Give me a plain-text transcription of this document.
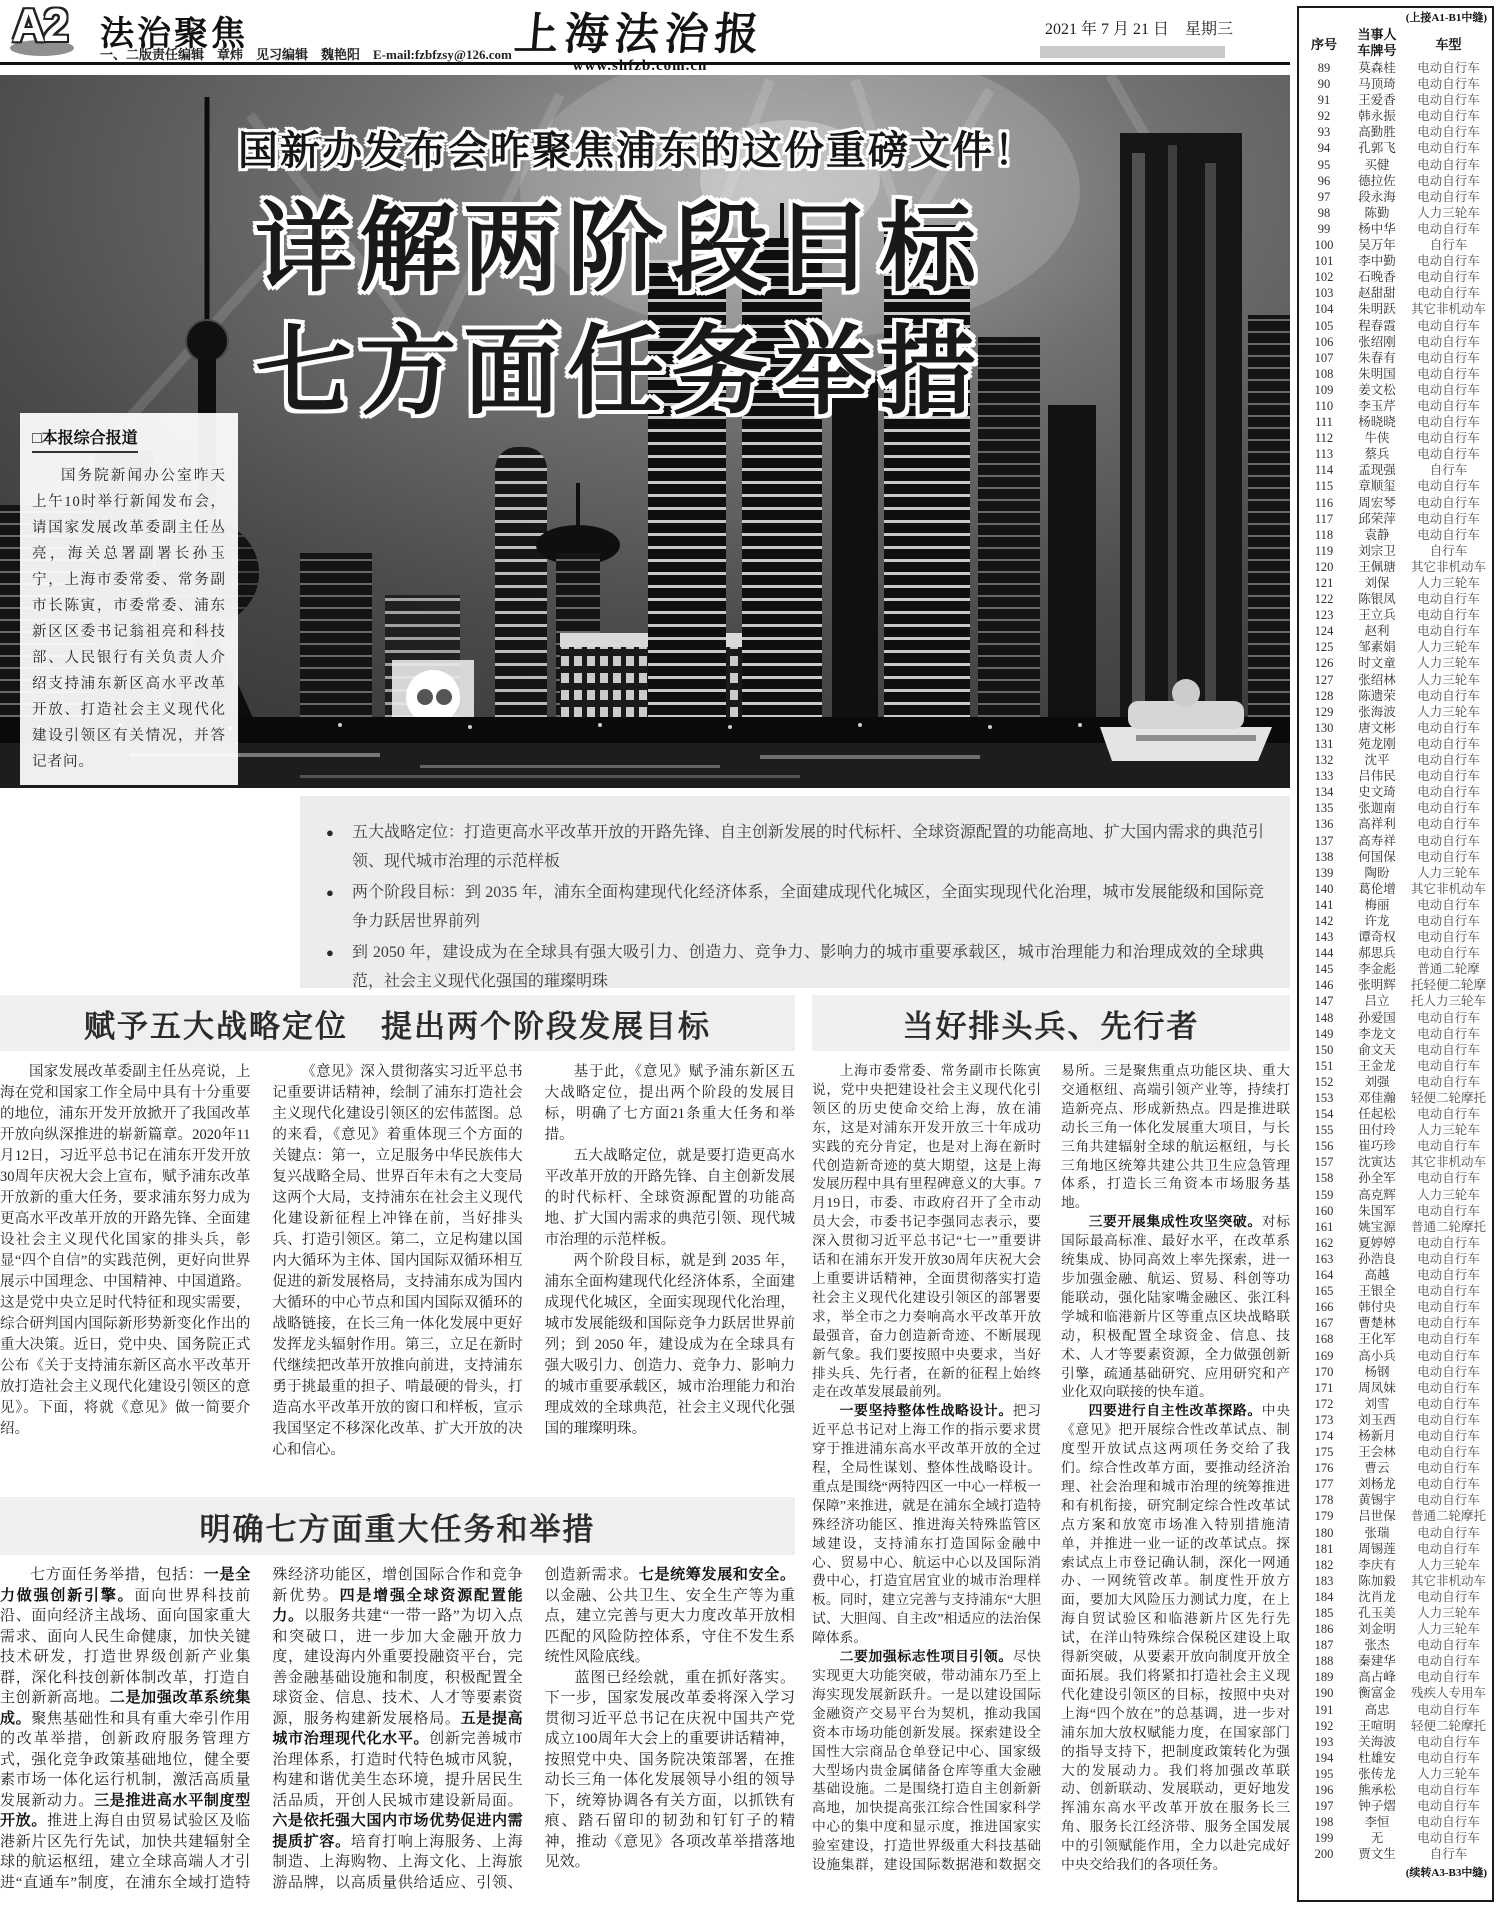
A2 法治聚焦
一、二版责任编辑　章炜　见习编辑　魏艳阳　E-mail:fzbfzsy@126.com 上海法治报
www.shfzb.com.cn
2021 年 7 月 21 日　星期三
国新办发布会昨聚焦浦东的这份重磅文件！
详解两阶段目标
七方面任务举措
□本报综合报道
国务院新闻办公室昨天上午10时举行新闻发布会，请国家发展改革委副主任丛亮，海关总署副署长孙玉宁，上海市委常委、常务副市长陈寅，市委常委、浦东新区区委书记翁祖亮和科技部、人民银行有关负责人介绍支持浦东新区高水平改革开放、打造社会主义现代化建设引领区有关情况，并答记者问。
● 五大战略定位：打造更高水平改革开放的开路先锋、自主创新发展的时代标杆、全球资源配置的功能高地、扩大国内需求的典范引领、现代城市治理的示范样板
● 两个阶段目标：到 2035 年，浦东全面构建现代化经济体系，全面建成现代化城区，全面实现现代化治理，城市发展能级和国际竞争力跃居世界前列
● 到 2050 年，建设成为在全球具有强大吸引力、创造力、竞争力、影响力的城市重要承载区，城市治理能力和治理成效的全球典范，社会主义现代化强国的璀璨明珠
赋予五大战略定位　提出两个阶段发展目标

国家发展改革委副主任丛亮说，上海在党和国家工作全局中具有十分重要的地位，浦东开发开放掀开了我国改革开放向纵深推进的崭新篇章。2020年11月12日，习近平总书记在浦东开发开放30周年庆祝大会上宣布，赋予浦东改革开放新的重大任务，要求浦东努力成为更高水平改革开放的开路先锋、全面建设社会主义现代化国家的排头兵，彰显“四个自信”的实践范例，更好向世界展示中国理念、中国精神、中国道路。这是党中央立足时代特征和现实需要，综合研判国内国际新形势新变化作出的重大决策。近日，党中央、国务院正式公布《关于支持浦东新区高水平改革开放打造社会主义现代化建设引领区的意见》。下面，将就《意见》做一简要介绍。

《意见》深入贯彻落实习近平总书记重要讲话精神，绘制了浦东打造社会主义现代化建设引领区的宏伟蓝图。总的来看，《意见》着重体现三个方面的关键点：第一，立足服务中华民族伟大复兴战略全局、世界百年未有之大变局这两个大局，支持浦东在社会主义现代化建设新征程上冲锋在前，当好排头兵、打造引领区。第二，立足构建以国内大循环为主体、国内国际双循环相互促进的新发展格局，支持浦东成为国内大循环的中心节点和国内国际双循环的战略链接，在长三角一体化发展中更好发挥龙头辐射作用。第三，立足在新时代继续把改革开放推向前进，支持浦东勇于挑最重的担子、啃最硬的骨头，打造高水平改革开放的窗口和样板，宣示我国坚定不移深化改革、扩大开放的决心和信心。

基于此，《意见》赋予浦东新区五大战略定位，提出两个阶段的发展目标，明确了七方面21条重大任务和举措。

五大战略定位，就是要打造更高水平改革开放的开路先锋、自主创新发展的时代标杆、全球资源配置的功能高地、扩大国内需求的典范引领、现代城市治理的示范样板。

两个阶段目标，就是到 2035 年，浦东全面构建现代化经济体系，全面建成现代化城区，全面实现现代化治理，城市发展能级和国际竞争力跃居世界前列；到 2050 年，建设成为在全球具有强大吸引力、创造力、竞争力、影响力的城市重要承载区，城市治理能力和治理成效的全球典范，社会主义现代化强国的璀璨明珠。

当好排头兵、先行者

上海市委常委、常务副市长陈寅说，党中央把建设社会主义现代化引领区的历史使命交给上海，放在浦东，这是对浦东开发开放三十年成功实践的充分肯定，也是对上海在新时代创造新奇迹的莫大期望，这是上海发展历程中具有里程碑意义的大事。7月19日，市委、市政府召开了全市动员大会，市委书记李强同志表示，要深入贯彻习近平总书记“七一”重要讲话和在浦东开发开放30周年庆祝大会上重要讲话精神，全面贯彻落实打造社会主义现代化建设引领区的部署要求，举全市之力奏响高水平改革开放最强音，奋力创造新奇迹、不断展现新气象。我们要按照中央要求，当好排头兵、先行者，在新的征程上始终走在改革发展最前列。

一要坚持整体性战略设计。把习近平总书记对上海工作的指示要求贯穿于推进浦东高水平改革开放的全过程，全局性谋划、整体性战略设计。重点是围绕“两特四区一中心一样板一保障”来推进，就是在浦东全域打造特殊经济功能区、推进海关特殊监管区域建设，支持浦东打造国际金融中心、贸易中心、航运中心以及国际消费中心，打造宜居宜业的城市治理样板。同时，建立完善与支持浦东“大胆试、大胆闯、自主改”相适应的法治保障体系。

二要加强标志性项目引领。尽快实现更大功能突破，带动浦东乃至上海实现发展新跃升。一是以建设国际金融资产交易平台为契机，推动我国资本市场功能创新发展。探索建设全国性大宗商品仓单登记中心、国家级大型场内贵金属储备仓库等重大金融基础设施。二是围绕打造自主创新新高地，加快提高张江综合性国家科学中心的集中度和显示度，推进国家实验室建设，打造世界级重大科技基础设施集群，建设国际数据港和数据交易所。三是聚焦重点功能区块、重大交通枢纽、高端引领产业等，持续打造新亮点、形成新热点。四是推进联动长三角一体化发展重大项目，与长三角共建辐射全球的航运枢纽，与长三角地区统筹共建公共卫生应急管理体系，打造长三角资本市场服务基地。

三要开展集成性攻坚突破。对标国际最高标准、最好水平，在改革系统集成、协同高效上率先探索，进一步加强金融、航运、贸易、科创等功能联动，强化陆家嘴金融区、张江科学城和临港新片区等重点区块战略联动，积极配置全球资金、信息、技术、人才等要素资源，全力做强创新引擎，疏通基础研究、应用研究和产业化双向联接的快车道。

四要进行自主性改革探路。中央《意见》把开展综合性改革试点、制度型开放试点这两项任务交给了我们。综合性改革方面，要推动经济治理、社会治理和城市治理的统筹推进和有机衔接，研究制定综合性改革试点方案和放宽市场准入特别措施清单，并推进一业一证的改革试点。探索试点上市登记确认制，深化一网通办、一网统管改革。制度性开放方面，要加大风险压力测试力度，在上海自贸试验区和临港新片区先行先试，在洋山特殊综合保税区建设上取得新突破，从要素开放向制度开放全面拓展。我们将紧扣打造社会主义现代化建设引领区的目标，按照中央对上海“四个放在”的总基调，进一步对浦东加大放权赋能力度，在国家部门的指导支持下，把制度政策转化为强大的发展动力。我们将加强改革联动、创新联动、发展联动，更好地发挥浦东高水平改革开放在服务长三角、服务长江经济带、服务全国发展中的引领赋能作用，全力以赴完成好中央交给我们的各项任务。

明确七方面重大任务和举措

七方面任务举措，包括：一是全力做强创新引擎。面向世界科技前沿、面向经济主战场、面向国家重大需求、面向人民生命健康，加快关键技术研发，打造世界级创新产业集群，深化科技创新体制改革，打造自主创新新高地。二是加强改革系统集成。聚焦基础性和具有重大牵引作用的改革举措，创新政府服务管理方式，强化竞争政策基础地位，健全要素市场一体化运行机制，激活高质量发展新动力。三是推进高水平制度型开放。推进上海自由贸易试验区及临港新片区先行先试，加快共建辐射全球的航运枢纽，建立全球高端人才引进“直通车”制度，在浦东全域打造特殊经济功能区，增创国际合作和竞争新优势。四是增强全球资源配置能力。以服务共建“一带一路”为切入点和突破口，进一步加大金融开放力度，建设海内外重要投融资平台，完善金融基础设施和制度，积极配置全球资金、信息、技术、人才等要素资源，服务构建新发展格局。五是提高城市治理现代化水平。创新完善城市治理体系，打造时代特色城市风貌，构建和谐优美生态环境，提升居民生活品质，开创人民城市建设新局面。六是依托强大国内市场优势促进内需提质扩容。培育打响上海服务、上海制造、上海购物、上海文化、上海旅游品牌，以高质量供给适应、引领、创造新需求。七是统筹发展和安全。以金融、公共卫生、安全生产等为重点，建立完善与更大力度改革开放相匹配的风险防控体系，守住不发生系统性风险底线。

蓝图已经绘就，重在抓好落实。下一步，国家发展改革委将深入学习贯彻习近平总书记在庆祝中国共产党成立100周年大会上的重要讲话精神，按照党中央、国务院决策部署，在推动长三角一体化发展领导小组的领导下，统筹协调各有关方面，以抓铁有痕、踏石留印的韧劲和钉钉子的精神，推动《意见》各项改革举措落地见效。

(上接A1-B1中缝)
序号
当事人
车牌号	车型
89	莫森桂	电动自行车
90	马顶琦	电动自行车
91	王爱香	电动自行车
92	韩永振	电动自行车
93	高勤胜	电动自行车
94	孔郭飞	电动自行车
95	买健	电动自行车
96	德拉佐	电动自行车
97	段永海	电动自行车
98	陈勤	人力三轮车
99	杨中华	电动自行车
100	吴万年	自行车
101	李中勤	电动自行车
102	石晚香	电动自行车
103	赵甜甜	电动自行车
104	朱明跃	其它非机动车
105	程春霞	电动自行车
106	张绍刚	电动自行车
107	朱春有	电动自行车
108	朱明国	电动自行车
109	姜文松	电动自行车
110	李玉芹	电动自行车
111	杨晓晓	电动自行车
112	牛侠	电动自行车
113	蔡兵	电动自行车
114	孟现强	自行车
115	章顺玺	电动自行车
116	周宏琴	电动自行车
117	邱荣萍	电动自行车
118	袁静	电动自行车
119	刘宗卫	自行车
120	王佩瑭	其它非机动车
121	刘保	人力三轮车
122	陈银凤	电动自行车
123	王立兵	电动自行车
124	赵利	电动自行车
125	邹素娟	人力三轮车
126	时文童	人力三轮车
127	张绍林	人力三轮车
128	陈遗荣	电动自行车
129	张海波	人力三轮车
130	唐文彬	电动自行车
131	苑龙刚	电动自行车
132	沈平	电动自行车
133	吕伟民	电动自行车
134	史文琦	电动自行车
135	张迦南	电动自行车
136	高祥利	电动自行车
137	高寿祥	电动自行车
138	何国保	电动自行车
139	陶盼	人力三轮车
140	葛伦增	其它非机动车
141	梅丽	电动自行车
142	许龙	电动自行车
143	谭奇权	电动自行车
144	郝思兵	电动自行车
145	李金彪	普通二轮摩
146	张明辉	托轻便二轮摩
147	吕立	托人力三轮车
148	孙爱国	电动自行车
149	李龙文	电动自行车
150	俞文天	电动自行车
151	王金龙	电动自行车
152	刘强	电动自行车
153	邓佳瀚	轻便二轮摩托
154	任起松	电动自行车
155	田付玲	人力三轮车
156	崔巧珍	电动自行车
157	沈寅达	其它非机动车
158	孙全军	电动自行车
159	高克辉	人力三轮车
160	朱国军	电动自行车
161	姚宝源	普通二轮摩托
162	夏婷婷	电动自行车
163	孙浩良	电动自行车
164	高越	电动自行车
165	王银全	电动自行车
166	韩付央	电动自行车
167	曹楚林	电动自行车
168	王化军	电动自行车
169	高小兵	电动自行车
170	杨钢	电动自行车
171	周凤妹	电动自行车
172	刘雪	电动自行车
173	刘玉西	电动自行车
174	杨新月	电动自行车
175	王会林	电动自行车
176	曹云	电动自行车
177	刘杨龙	电动自行车
178	黄锡宇	电动自行车
179	吕世保	普通二轮摩托
180	张瑞	电动自行车
181	周锡莲	电动自行车
182	李庆有	人力三轮车
183	陈加毅	其它非机动车
184	沈肖龙	电动自行车
185	孔玉美	人力三轮车
186	刘金明	人力三轮车
187	张杰	电动自行车
188	秦建华	电动自行车
189	高占峰	电动自行车
190	衡富金	残疾人专用车
191	高忠	电动自行车
192	王喧明	轻便二轮摩托
193	关海波	电动自行车
194	杜雄安	电动自行车
195	张传龙	人力三轮车
196	熊承松	电动自行车
197	钟子熠	电动自行车
198	李恒	电动自行车
199	无	电动自行车
200	贾文生	自行车
(续转A3-B3中缝)
